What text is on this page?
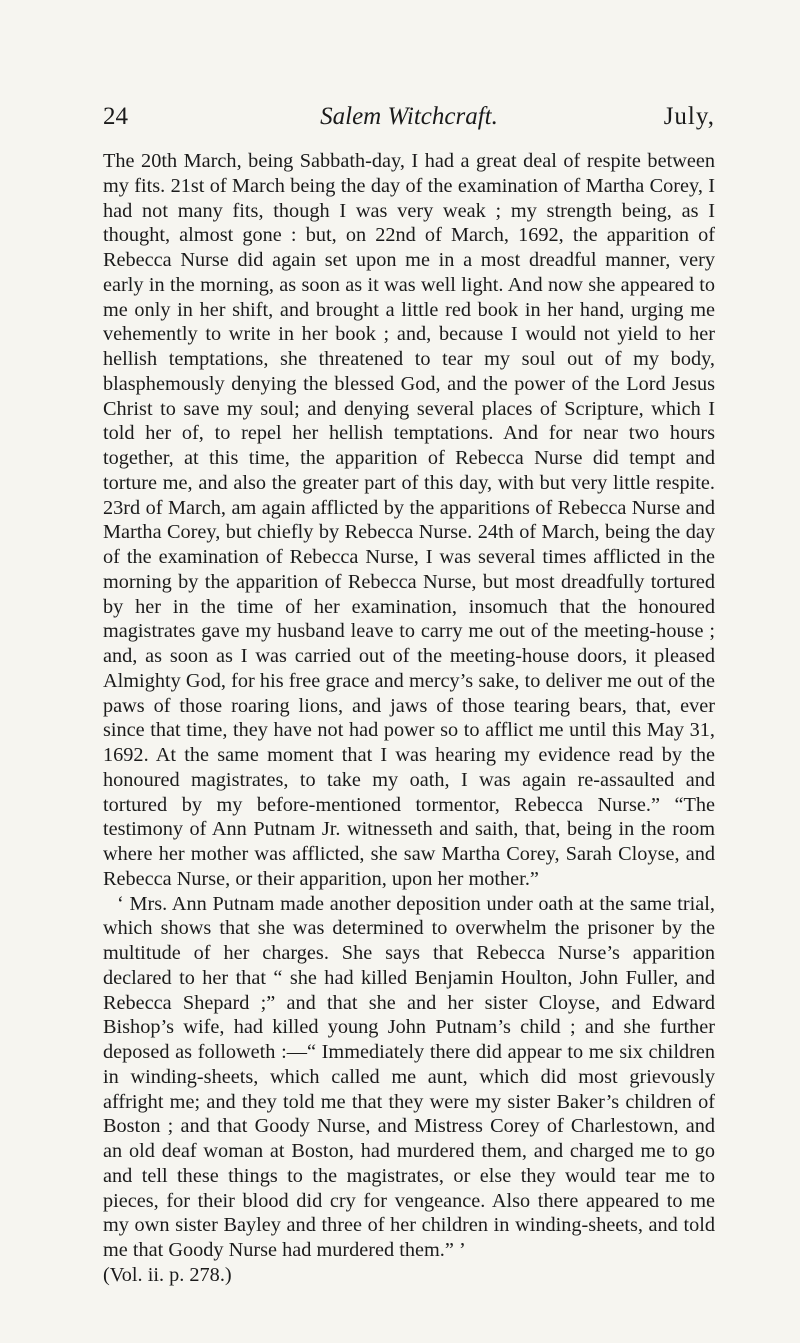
24	Salem Witchcraft.	July,

The 20th March, being Sabbath-day, I had a great deal of respite between my fits. 21st of March being the day of the examination of Martha Corey, I had not many fits, though I was very weak ; my strength being, as I thought, almost gone : but, on 22nd of March, 1692, the apparition of Rebecca Nurse did again set upon me in a most dreadful manner, very early in the morning, as soon as it was well light. And now she appeared to me only in her shift, and brought a little red book in her hand, urging me vehemently to write in her book ; and, because I would not yield to her hellish temptations, she threatened to tear my soul out of my body, blasphemously denying the blessed God, and the power of the Lord Jesus Christ to save my soul; and denying several places of Scripture, which I told her of, to repel her hellish temptations. And for near two hours together, at this time, the apparition of Rebecca Nurse did tempt and torture me, and also the greater part of this day, with but very little respite. 23rd of March, am again afflicted by the apparitions of Rebecca Nurse and Martha Corey, but chiefly by Rebecca Nurse. 24th of March, being the day of the examination of Rebecca Nurse, I was several times afflicted in the morning by the apparition of Rebecca Nurse, but most dreadfully tortured by her in the time of her examination, insomuch that the honoured magistrates gave my husband leave to carry me out of the meeting-house ; and, as soon as I was carried out of the meeting-house doors, it pleased Almighty God, for his free grace and mercy’s sake, to deliver me out of the paws of those roaring lions, and jaws of those tearing bears, that, ever since that time, they have not had power so to afflict me until this May 31, 1692. At the same moment that I was hearing my evidence read by the honoured magistrates, to take my oath, I was again re-assaulted and tortured by my before-mentioned tormentor, Rebecca Nurse.” “The testimony of Ann Putnam Jr. witnesseth and saith, that, being in the room where her mother was afflicted, she saw Martha Corey, Sarah Cloyse, and Rebecca Nurse, or their apparition, upon her mother.”

‘ Mrs. Ann Putnam made another deposition under oath at the same trial, which shows that she was determined to overwhelm the prisoner by the multitude of her charges. She says that Rebecca Nurse’s apparition declared to her that “ she had killed Benjamin Houlton, John Fuller, and Rebecca Shepard ;” and that she and her sister Cloyse, and Edward Bishop’s wife, had killed young John Putnam’s child ; and she further deposed as followeth :—“ Immediately there did appear to me six children in winding-sheets, which called me aunt, which did most grievously affright me; and they told me that they were my sister Baker’s children of Boston ; and that Goody Nurse, and Mistress Corey of Charlestown, and an old deaf woman at Boston, had murdered them, and charged me to go and tell these things to the magistrates, or else they would tear me to pieces, for their blood did cry for vengeance. Also there appeared to me my own sister Bayley and three of her children in winding-sheets, and told me that Goody Nurse had murdered them.” ’

(Vol. ii. p. 278.)
